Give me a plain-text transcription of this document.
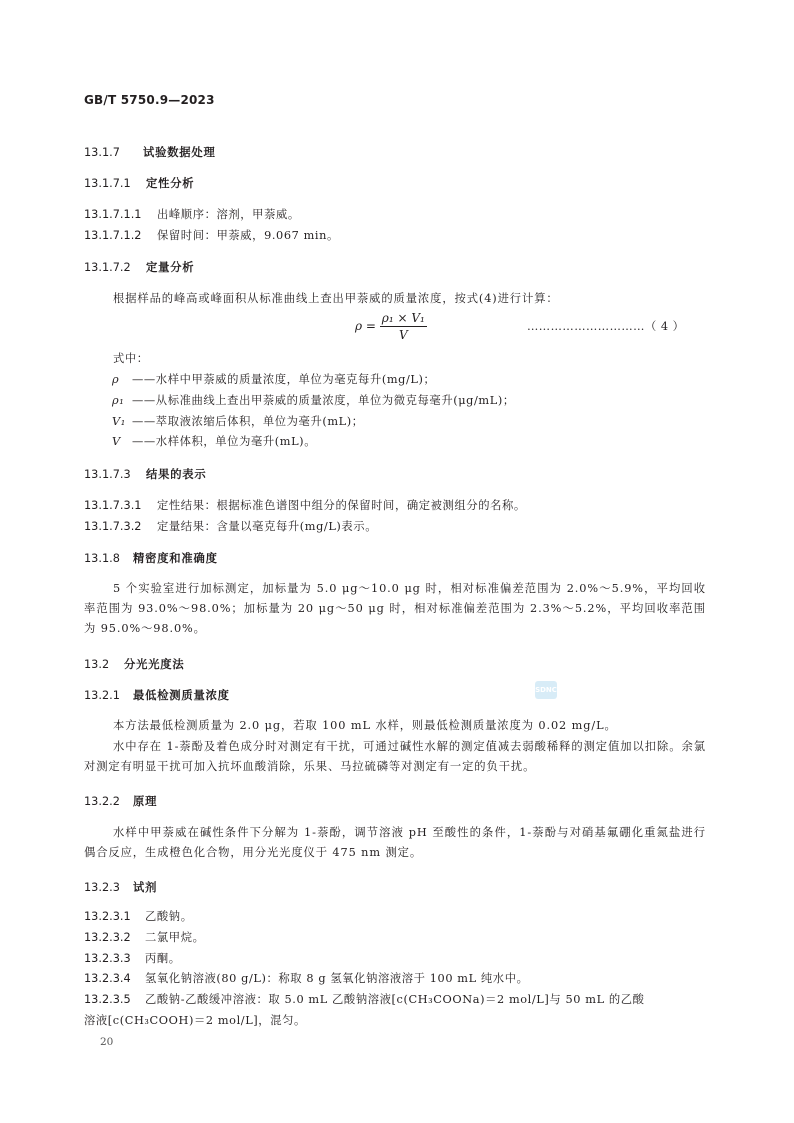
GB/T 5750.9—2023
13.1.7 试验数据处理
13.1.7.1 定性分析
13.1.7.1.1 出峰顺序：溶剂，甲萘威。
13.1.7.1.2 保留时间：甲萘威，9.067 min。
13.1.7.2 定量分析
根据样品的峰高或峰面积从标准曲线上查出甲萘威的质量浓度，按式(4)进行计算：
$\rho = \frac{\text{ρ₁ × V₁}}{V}$	…………………………（ 4 ）
式中：
ρ ——水样中甲萘威的质量浓度，单位为毫克每升(mg/L)；
ρ₁ ——从标准曲线上查出甲萘威的质量浓度，单位为微克每毫升(μg/mL)；
V₁ ——萃取液浓缩后体积，单位为毫升(mL)；
V ——水样体积，单位为毫升(mL)。
13.1.7.3 结果的表示
13.1.7.3.1 定性结果：根据标准色谱图中组分的保留时间，确定被测组分的名称。
13.1.7.3.2 定量结果：含量以毫克每升(mg/L)表示。
13.1.8 精密度和准确度
5 个实验室进行加标测定，加标量为 5.0 μg～10.0 μg 时，相对标准偏差范围为 2.0%～5.9%，平均回收率范围为 93.0%～98.0%；加标量为 20 μg～50 μg 时，相对标准偏差范围为 2.3%～5.2%，平均回收率范围为 95.0%～98.0%。
13.2 分光光度法
13.2.1 最低检测质量浓度	SDNC
本方法最低检测质量为 2.0 μg，若取 100 mL 水样，则最低检测质量浓度为 0.02 mg/L。
水中存在 1-萘酚及着色成分时对测定有干扰，可通过碱性水解的测定值减去弱酸稀释的测定值加以扣除。余氯对测定有明显干扰可加入抗坏血酸消除，乐果、马拉硫磷等对测定有一定的负干扰。
13.2.2 原理
水样中甲萘威在碱性条件下分解为 1-萘酚，调节溶液 pH 至酸性的条件，1-萘酚与对硝基氟硼化重氮盐进行偶合反应，生成橙色化合物，用分光光度仪于 475 nm 测定。
13.2.3 试剂
13.2.3.1 乙酸钠。
13.2.3.2 二氯甲烷。
13.2.3.3 丙酮。
13.2.3.4 氢氧化钠溶液(80 g/L)：称取 8 g 氢氧化钠溶液溶于 100 mL 纯水中。
13.2.3.5 乙酸钠-乙酸缓冲溶液：取 5.0 mL 乙酸钠溶液[c(CH₃COONa)＝2 mol/L]与 50 mL 的乙酸
溶液[c(CH₃COOH)＝2 mol/L]，混匀。
20
